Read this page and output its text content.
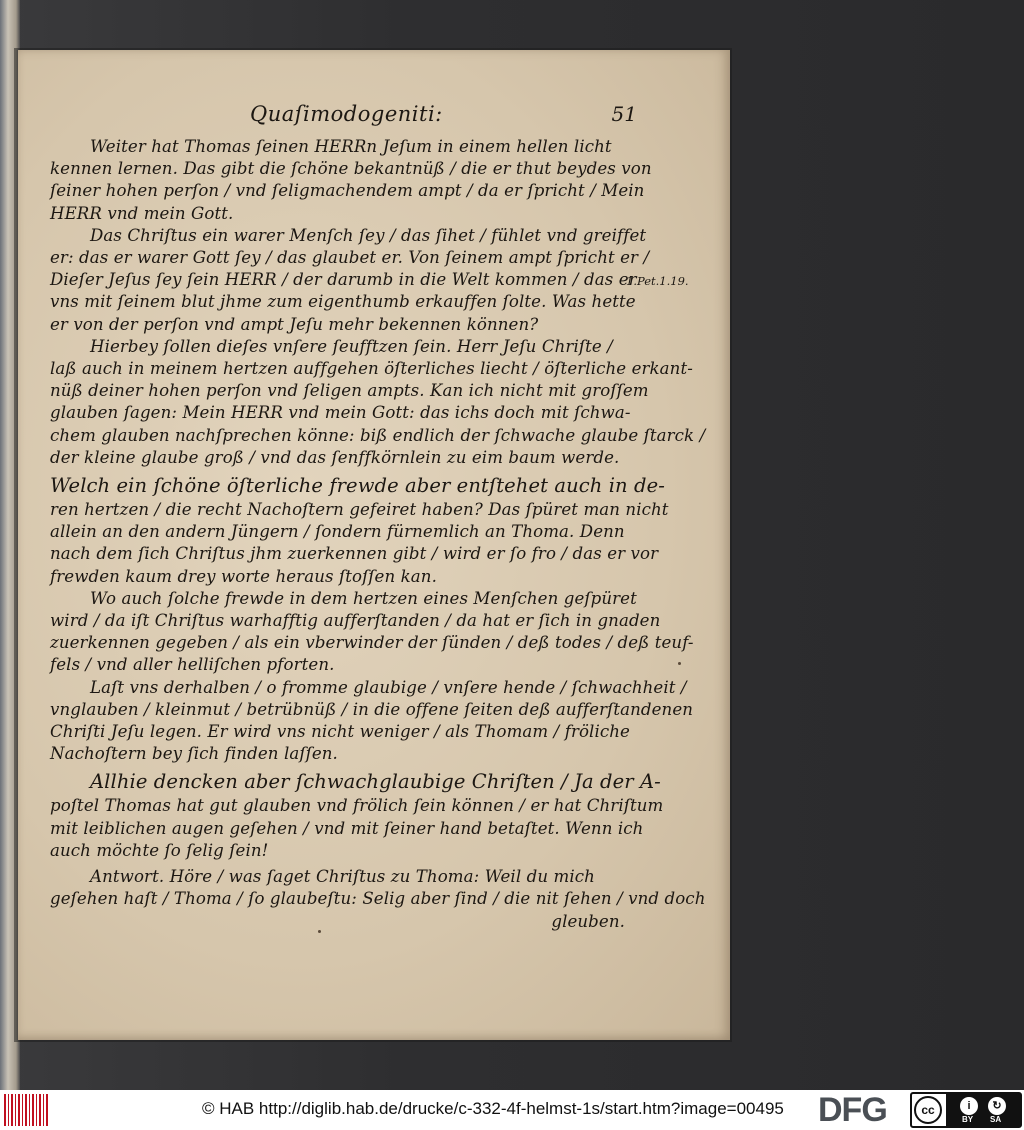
Quaſimodogeniti:	51
Weiter hat Thomas ſeinen HERRn Jeſum in einem hellen licht
kennen lernen. Das gibt die ſchöne bekantnüß / die er thut beydes von
ſeiner hohen perſon / vnd ſeligmachendem ampt / da er ſpricht / Mein
HERR vnd mein Gott.
Das Chriſtus ein warer Menſch ſey / das ſihet / fühlet vnd greiffet
er: das er warer Gott ſey / das glaubet er. Von ſeinem ampt ſpricht er /
Dieſer Jeſus ſey ſein HERR / der darumb in die Welt kommen / das er
vns mit ſeinem blut jhme zum eigenthumb erkauffen ſolte. Was hette
er von der perſon vnd ampt Jeſu mehr bekennen können?
Hierbey ſollen dieſes vnſere ſeufftzen ſein. Herr Jeſu Chriſte /
laß auch in meinem hertzen auffgehen öſterliches liecht / öſterliche erkant-
nüß deiner hohen perſon vnd ſeligen ampts. Kan ich nicht mit groſſem
glauben ſagen: Mein HERR vnd mein Gott: das ichs doch mit ſchwa-
chem glauben nachſprechen könne: biß endlich der ſchwache glaube ſtarck /
der kleine glaube groß / vnd das ſenffkörnlein zu eim baum werde.
Welch ein ſchöne öſterliche frewde aber entſtehet auch in de-
ren hertzen / die recht Nachoſtern gefeiret haben? Das ſpüret man nicht
allein an den andern Jüngern / ſondern fürnemlich an Thoma. Denn
nach dem ſich Chriſtus jhm zuerkennen gibt / wird er ſo fro / das er vor
frewden kaum drey worte heraus ſtoſſen kan.
Wo auch ſolche frewde in dem hertzen eines Menſchen geſpüret
wird / da iſt Chriſtus warhafftig aufferſtanden / da hat er ſich in gnaden
zuerkennen gegeben / als ein vberwinder der ſünden / deß todes / deß teuf-
fels / vnd aller helliſchen pforten.
Laſt vns derhalben / o fromme glaubige / vnſere hende / ſchwachheit /
vnglauben / kleinmut / betrübnüß / in die offene ſeiten deß aufferſtandenen
Chriſti Jeſu legen. Er wird vns nicht weniger / als Thomam / fröliche
Nachoſtern bey ſich finden laſſen.
Allhie dencken aber ſchwachglaubige Chriſten / Ja der A-
poſtel Thomas hat gut glauben vnd frölich ſein können / er hat Chriſtum
mit leiblichen augen geſehen / vnd mit ſeiner hand betaſtet. Wenn ich
auch möchte ſo ſelig ſein!
Antwort. Höre / was ſaget Chriſtus zu Thoma: Weil du mich
geſehen haſt / Thoma / ſo glaubeſtu: Selig aber ſind / die nit ſehen / vnd doch
gleuben.
1.Pet.1.19.
© HAB http://diglib.hab.de/drucke/c-332-4f-helmst-1s/start.htm?image=00495 DFG	cc	i	↻
BY SA
